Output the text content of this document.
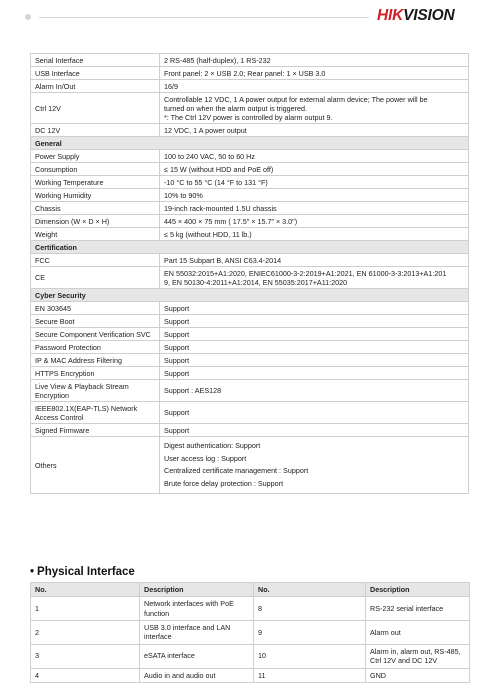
HIKVISION
Serial Interface	2 RS-485 (half-duplex), 1 RS-232
USB Interface	Front panel: 2 × USB 2.0; Rear panel: 1 × USB 3.0
Alarm In/Out	16/9
Ctrl 12V	Controllable 12 VDC, 1 A power output for external alarm device; The power will be
turned on when the alarm output is triggered.
*: The Ctrl 12V power is controlled by alarm output 9.

DC 12V	12 VDC, 1 A power output
General	
Power Supply	100 to 240 VAC, 50 to 60 Hz
Consumption	≤ 15 W (without HDD and PoE off)
Working Temperature	-10 °C to 55 °C (14 °F to 131 °F)
Working Humidity	10% to 90%
Chassis	19-inch rack-mounted 1.5U chassis
Dimension (W × D × H)	445 × 400 × 75 mm ( 17.5" × 15.7" × 3.0")
Weight	≤ 5 kg (without HDD, 11 lb.)
Certification	
FCC	Part 15 Subpart B, ANSI C63.4-2014
CE	EN 55032:2015+A1:2020, ENIEC61000-3-2:2019+A1:2021, EN 61000-3-3:2013+A1:201
9, EN 50130-4:2011+A1:2014, EN 55035:2017+A11:2020

Cyber Security	
EN 303645	Support
Secure Boot	Support
Secure Component Verification SVC	Support
Password Protection	Support
IP & MAC Address Filtering	Support
HTTPS Encryption	Support
Live View & Playback Stream Encryption	Support : AES128
IEEE802.1X(EAP-TLS) Network Access Control	Support
Signed Firmware	Support
Others	Digest authentication: Support
User access log : Support
Centralized certificate management : Support
Brute force delay protection : Support
• Physical Interface
No.	Description	No.	Description
1	Network interfaces with PoE function	8	RS-232 serial interface
2	USB 3.0 interface and LAN interface	9	Alarm out
3	eSATA interface	10	Alarm in, alarm out, RS-485, Ctrl 12V and DC 12V
4	Audio in and audio out	11	GND
